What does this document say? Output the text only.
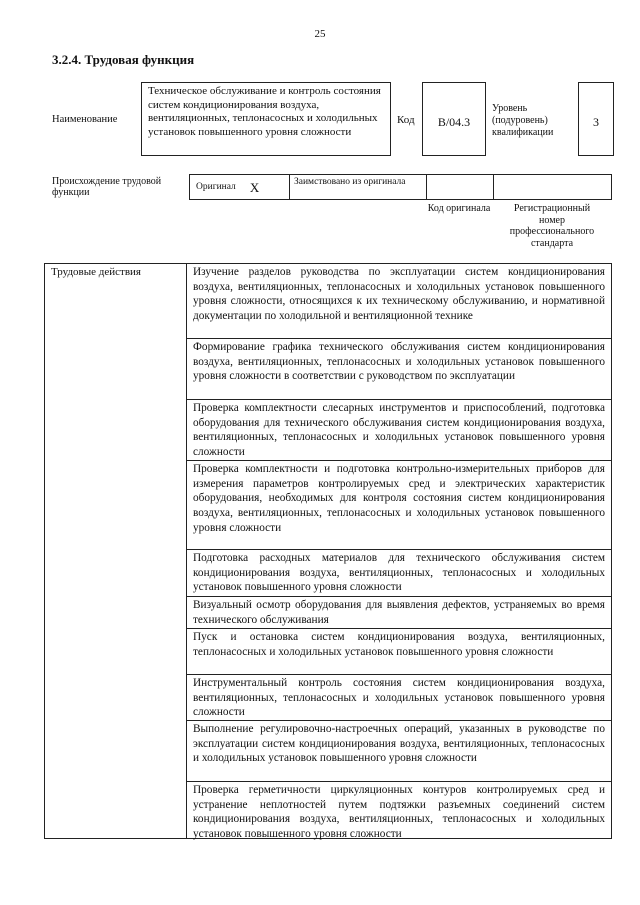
25
3.2.4. Трудовая функция
Наименование
Техническое обслуживание и контроль состояния систем кондиционирования воздуха, вентиляционных, теплонасосных и холодильных установок повышенного уровня сложности
Код B/04.3
Уровень (подуровень) квалификации
3
Происхождение трудовой функции
Оригинал X	Заимствовано из оригинала
Код оригинала	Регистрационный номер профессионального стандарта
Трудовые действия	Изучение разделов руководства по эксплуатации систем кондиционирования воздуха, вентиляционных, теплонасосных и холодильных установок повышенного уровня сложности, относящихся к их техническому обслуживанию, и нормативной документации по холодильной и вентиляционной технике
Формирование графика технического обслуживания систем кондиционирования воздуха, вентиляционных, теплонасосных и холодильных установок повышенного уровня сложности в соответствии с руководством по эксплуатации
Проверка комплектности слесарных инструментов и приспособлений, подготовка оборудования для технического обслуживания систем кондиционирования воздуха, вентиляционных, теплонасосных и холодильных установок повышенного уровня сложности
Проверка комплектности и подготовка контрольно-измерительных приборов для измерения параметров контролируемых сред и электрических характеристик оборудования, необходимых для контроля состояния систем кондиционирования воздуха, вентиляционных, теплонасосных и холодильных установок повышенного уровня сложности
Подготовка расходных материалов для технического обслуживания систем кондиционирования воздуха, вентиляционных, теплонасосных и холодильных установок повышенного уровня сложности
Визуальный осмотр оборудования для выявления дефектов, устраняемых во время технического обслуживания
Пуск и остановка систем кондиционирования воздуха, вентиляционных, теплонасосных и холодильных установок повышенного уровня сложности
Инструментальный контроль состояния систем кондиционирования воздуха, вентиляционных, теплонасосных и холодильных установок повышенного уровня сложности
Выполнение регулировочно-настроечных операций, указанных в руководстве по эксплуатации систем кондиционирования воздуха, вентиляционных, теплонасосных и холодильных установок повышенного уровня сложности
Проверка герметичности циркуляционных контуров контролируемых сред и устранение неплотностей путем подтяжки разъемных соединений систем кондиционирования воздуха, вентиляционных, теплонасосных и холодильных установок повышенного уровня сложности
